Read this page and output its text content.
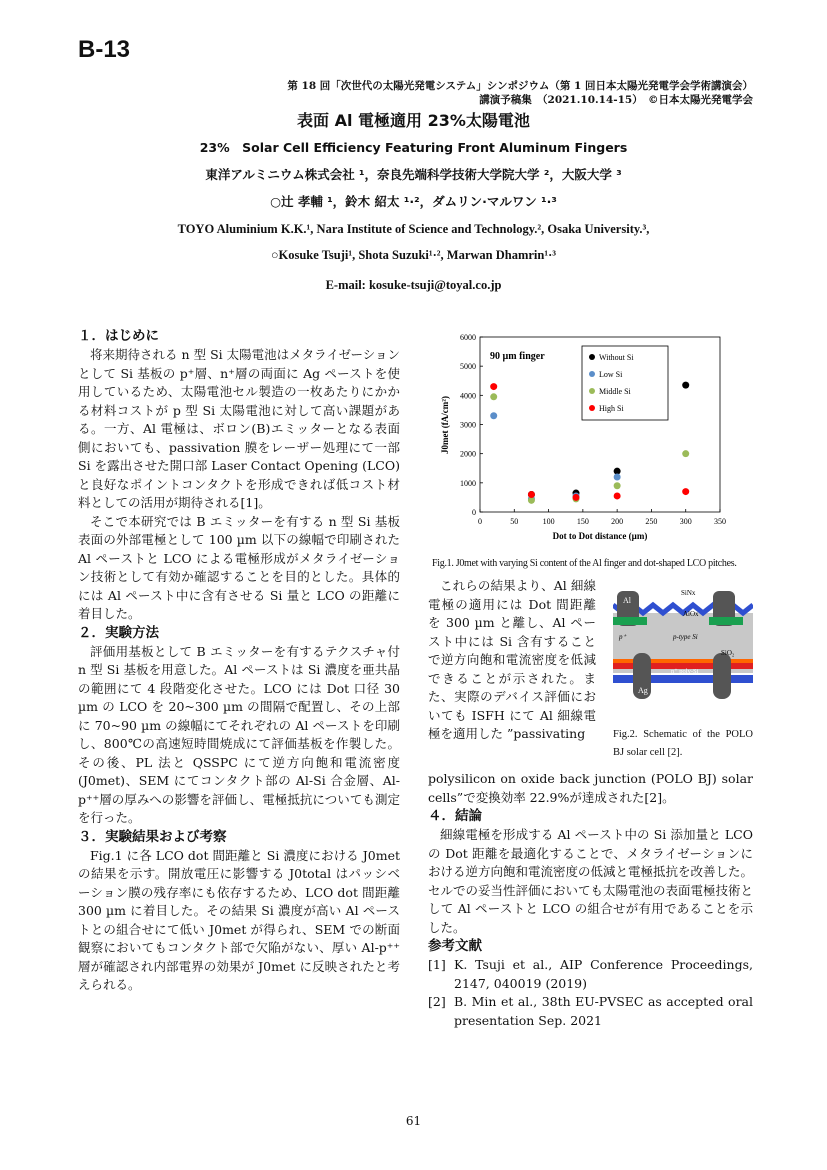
B-13
第 18 回「次世代の太陽光発電システム」シンポジウム（第 1 回日本太陽光発電学会学術講演会）
講演予稿集　（2021.10.14-15）　©日本太陽光発電学会
表面 Al 電極適用 23%太陽電池
23%　Solar Cell Efficiency Featuring Front Aluminum Fingers
東洋アルミニウム株式会社 ¹，奈良先端科学技術大学院大学 ²，大阪大学 ³
○辻 孝輔 ¹，鈴木 紹太 ¹·²，ダムリン·マルワン ¹·³
TOYO Aluminium K.K.¹, Nara Institute of Science and Technology.², Osaka University.³,
○Kosuke Tsuji¹, Shota Suzuki¹·², Marwan Dhamrin¹·³
E-mail: kosuke-tsuji@toyal.co.jp
１．はじめに

将来期待される n 型 Si 太陽電池はメタライゼーションとして Si 基板の p⁺層、n⁺層の両面に Ag ペーストを使用しているため、太陽電池セル製造の一枚あたりにかかる材料コストが p 型 Si 太陽電池に対して高い課題がある。一方、Al 電極は、ボロン(B)エミッターとなる表面側においても、passivation 膜をレーザー処理にて一部 Si を露出させた開口部 Laser Contact Opening (LCO)と良好なポイントコンタクトを形成できれば低コスト材料としての活用が期待される[1]。

そこで本研究では B エミッターを有する n 型 Si 基板表面の外部電極として 100 µm 以下の線幅で印刷された Al ペーストと LCO による電極形成がメタライゼーション技術として有効か確認することを目的とした。具体的には Al ペースト中に含有させる Si 量と LCO の距離に着目した。

２．実験方法

評価用基板として B エミッターを有するテクスチャ付 n 型 Si 基板を用意した。Al ペーストは Si 濃度を亜共晶の範囲にて 4 段階変化させた。LCO には Dot 口径 30 µm の LCO を 20~300 µm の間隔で配置し、その上部に 70~90 µm の線幅にてそれぞれの Al ペーストを印刷し、800℃の高速短時間焼成にて評価基板を作製した。その後、PL 法と QSSPC にて逆方向飽和電流密度(J0met)、SEM にてコンタクト部の Al-Si 合金層、Al-p⁺⁺層の厚みへの影響を評価し、電極抵抗についても測定を行った。

３．実験結果および考察

Fig.1 に各 LCO dot 間距離と Si 濃度における J0met の結果を示す。開放電圧に影響する J0total はパッシベーション膜の残存率にも依存するため、LCO dot 間距離 300 µm に着目した。その結果 Si 濃度が高い Al ペーストとの組合せにて低い J0met が得られ、SEM での断面観察においてもコンタクト部で欠陥がない、厚い Al-p⁺⁺層が確認され内部電界の効果が J0met に反映されたと考えられる。

0	50	100	150	200	250	300	350
0
1000
2000
3000
4000
5000
6000
90 µm finger	Without Si
Low Si
Middle Si
High Si
Dot to Dot distance (µm)
J0met (fA/cm²)
Fig.1. J0met with varying Si content of the Al finger and dot-shaped LCO pitches.

これらの結果より、Al 細線電極の適用には Dot 間距離を 300 µm と離し、Al ペースト中には Si 含有することで逆方向飽和電流密度を低減できることが示された。また、実際のデバイス評価においても ISFH にて Al 細線電極を適用した ”passivating

Al
SiNx
AlOx
p⁺	p-type Si
SiO₂
n⁺ poly-Si
Ag
Fig.2. Schematic of the POLO BJ solar cell [2].

polysilicon on oxide back junction (POLO BJ) solar cells”で変換効率 22.9%が達成された[2]。

４．結論

細線電極を形成する Al ペースト中の Si 添加量と LCO の Dot 距離を最適化することで、メタライゼーションにおける逆方向飽和電流密度の低減と電極抵抗を改善した。セルでの妥当性評価においても太陽電池の表面電極技術として Al ペーストと LCO の組合せが有用であることを示した。

参考文献
[1] K. Tsuji et al., AIP Conference Proceedings, 2147, 040019 (2019)
[2] B. Min et al., 38th EU-PVSEC as accepted oral presentation Sep. 2021
61
